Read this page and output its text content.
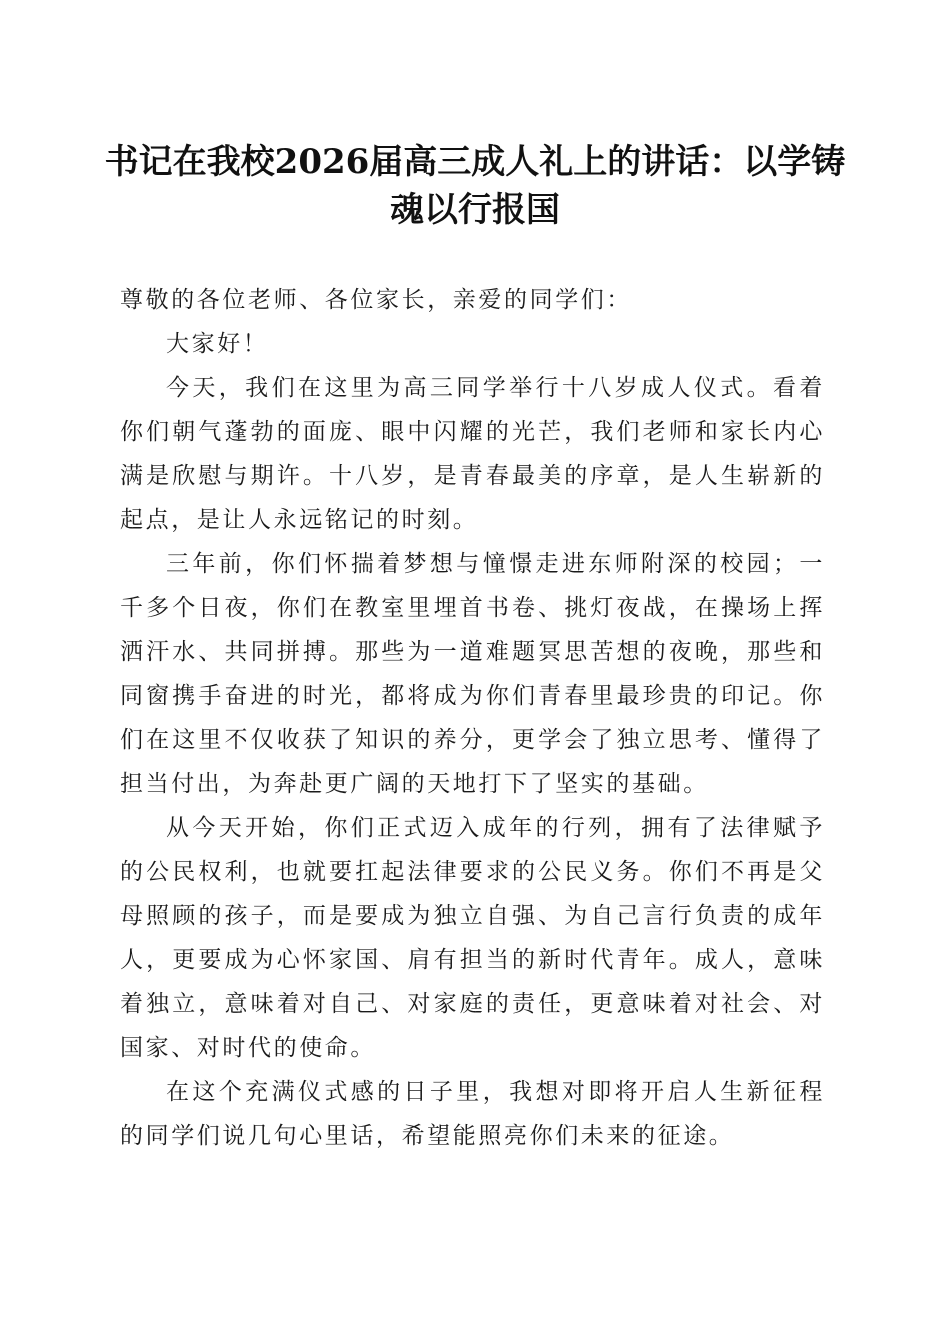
书记在我校2026届高三成人礼上的讲话：以学铸魂以行报国

尊敬的各位老师、各位家长，亲爱的同学们：

大家好！

今天，我们在这里为高三同学举行十八岁成人仪式。看着你们朝气蓬勃的面庞、眼中闪耀的光芒，我们老师和家长内心满是欣慰与期许。十八岁，是青春最美的序章，是人生崭新的起点，是让人永远铭记的时刻。

三年前，你们怀揣着梦想与憧憬走进东师附深的校园；一千多个日夜，你们在教室里埋首书卷、挑灯夜战，在操场上挥洒汗水、共同拼搏。那些为一道难题冥思苦想的夜晚，那些和同窗携手奋进的时光，都将成为你们青春里最珍贵的印记。你们在这里不仅收获了知识的养分，更学会了独立思考、懂得了担当付出，为奔赴更广阔的天地打下了坚实的基础。

从今天开始，你们正式迈入成年的行列，拥有了法律赋予的公民权利，也就要扛起法律要求的公民义务。你们不再是父母照顾的孩子，而是要成为独立自强、为自己言行负责的成年人，更要成为心怀家国、肩有担当的新时代青年。成人，意味着独立，意味着对自己、对家庭的责任，更意味着对社会、对国家、对时代的使命。

在这个充满仪式感的日子里，我想对即将开启人生新征程的同学们说几句心里话，希望能照亮你们未来的征途。
